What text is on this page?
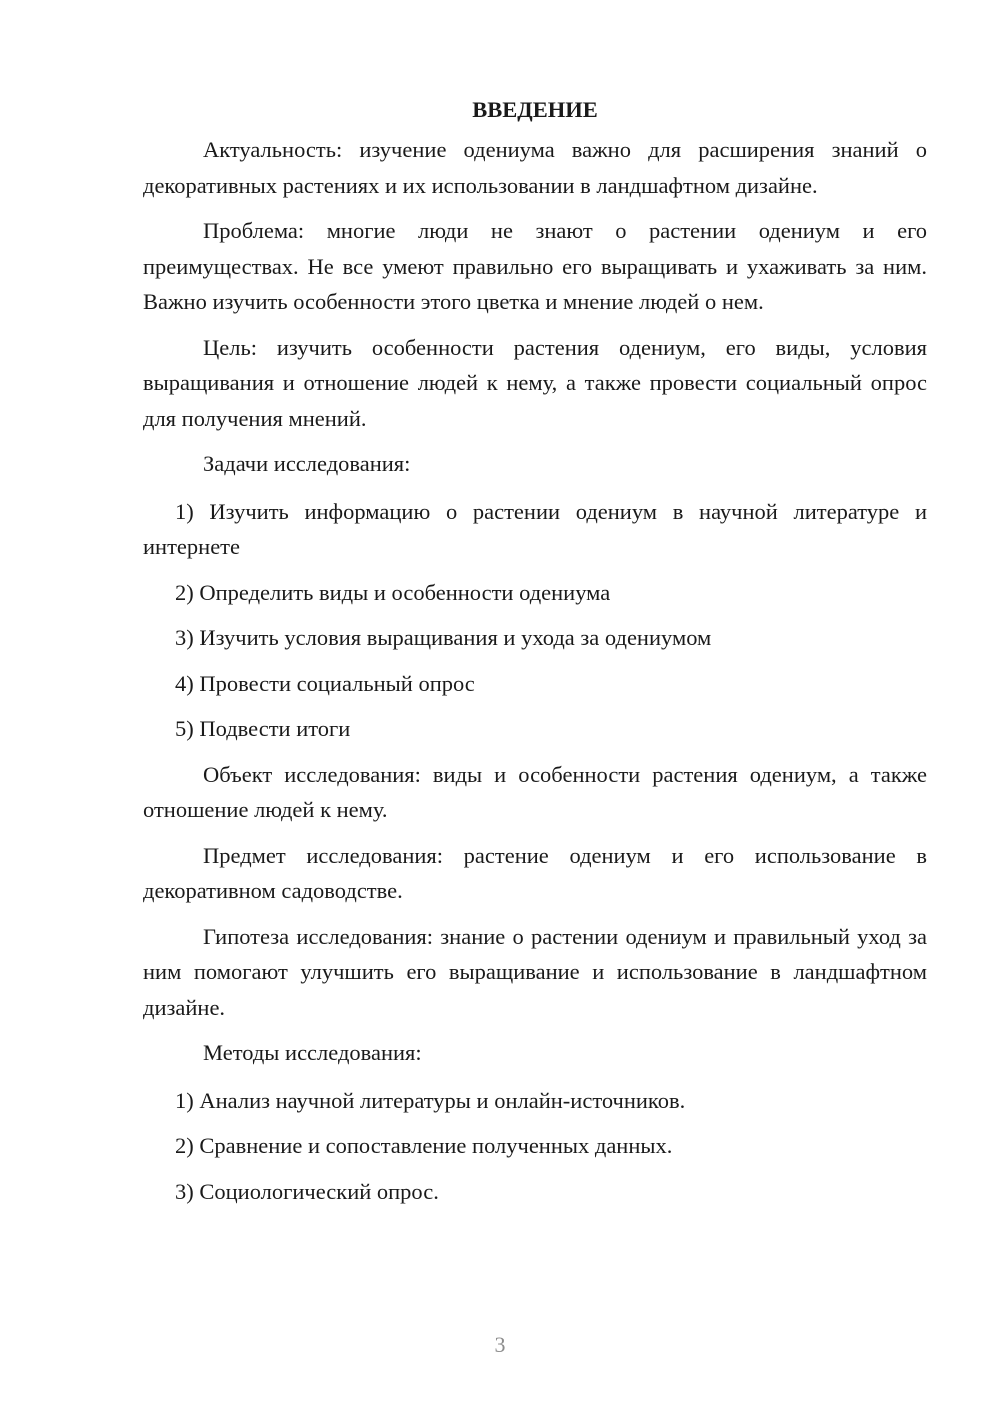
ВВЕДЕНИЕ

Актуальность: изучение одениума важно для расширения знаний о декоративных растениях и их использовании в ландшафтном дизайне.

Проблема: многие люди не знают о растении одениум и его преимуществах. Не все умеют правильно его выращивать и ухаживать за ним. Важно изучить особенности этого цветка и мнение людей о нем.

Цель: изучить особенности растения одениум, его виды, условия выращивания и отношение людей к нему, а также провести социальный опрос для получения мнений.

Задачи исследования:

1) Изучить информацию о растении одениум в научной литературе и интернете

2) Определить виды и особенности одениума

3) Изучить условия выращивания и ухода за одениумом

4) Провести социальный опрос

5) Подвести итоги

Объект исследования: виды и особенности растения одениум, а также отношение людей к нему.

Предмет исследования: растение одениум и его использование в декоративном садоводстве.

Гипотеза исследования: знание о растении одениум и правильный уход за ним помогают улучшить его выращивание и использование в ландшафтном дизайне.

Методы исследования:

1) Анализ научной литературы и онлайн-источников.

2) Сравнение и сопоставление полученных данных.

3) Социологический опрос.

3
